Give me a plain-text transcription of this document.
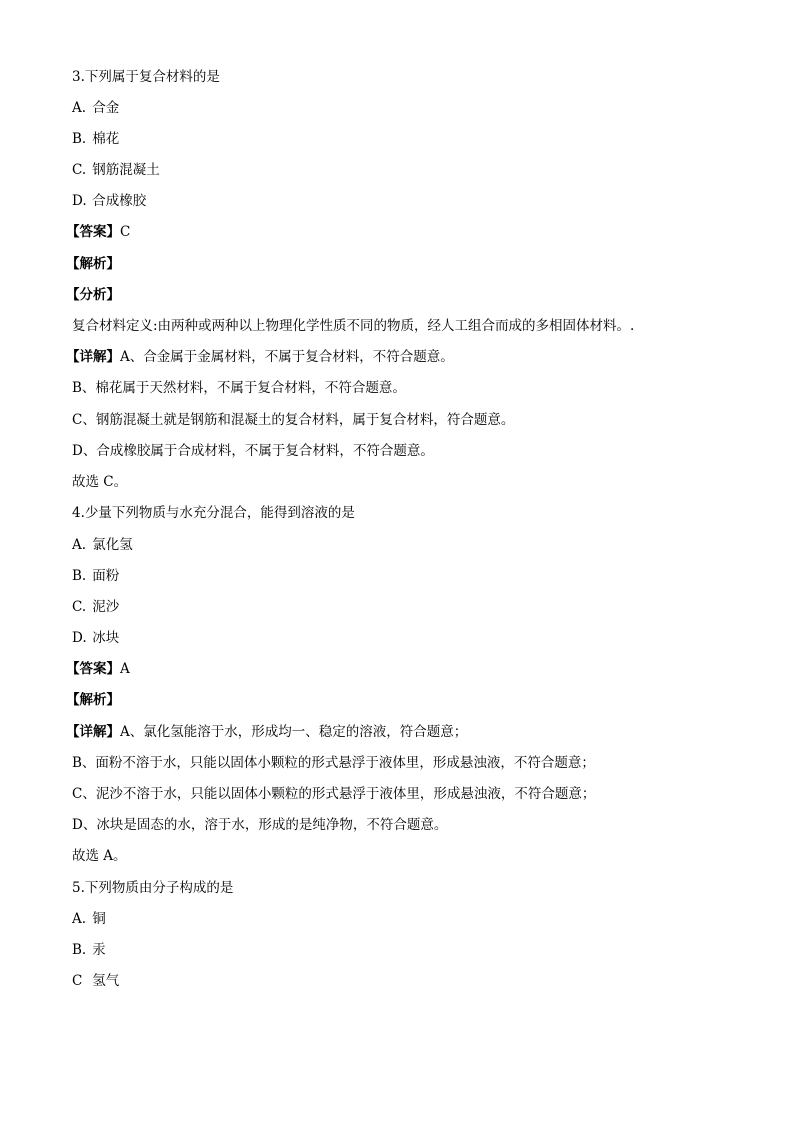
3.下列属于复合材料的是
A. 合金
B. 棉花
C. 钢筋混凝土
D. 合成橡胶
【答案】C
【解析】
【分析】
复合材料定义:由两种或两种以上物理化学性质不同的物质，经人工组合而成的多相固体材料。.
【详解】A、合金属于金属材料，不属于复合材料，不符合题意。
B、棉花属于天然材料，不属于复合材料，不符合题意。
C、钢筋混凝土就是钢筋和混凝土的复合材料，属于复合材料，符合题意。
D、合成橡胶属于合成材料，不属于复合材料，不符合题意。
故选 C。
4.少量下列物质与水充分混合，能得到溶液的是
A. 氯化氢
B. 面粉
C. 泥沙
D. 冰块
【答案】A
【解析】
【详解】A、氯化氢能溶于水，形成均一、稳定的溶液，符合题意；
B、面粉不溶于水，只能以固体小颗粒的形式悬浮于液体里，形成悬浊液，不符合题意；
C、泥沙不溶于水，只能以固体小颗粒的形式悬浮于液体里，形成悬浊液，不符合题意；
D、冰块是固态的水，溶于水，形成的是纯净物，不符合题意。
故选 A。
5.下列物质由分子构成的是
A. 铜
B. 汞
C 氢气
